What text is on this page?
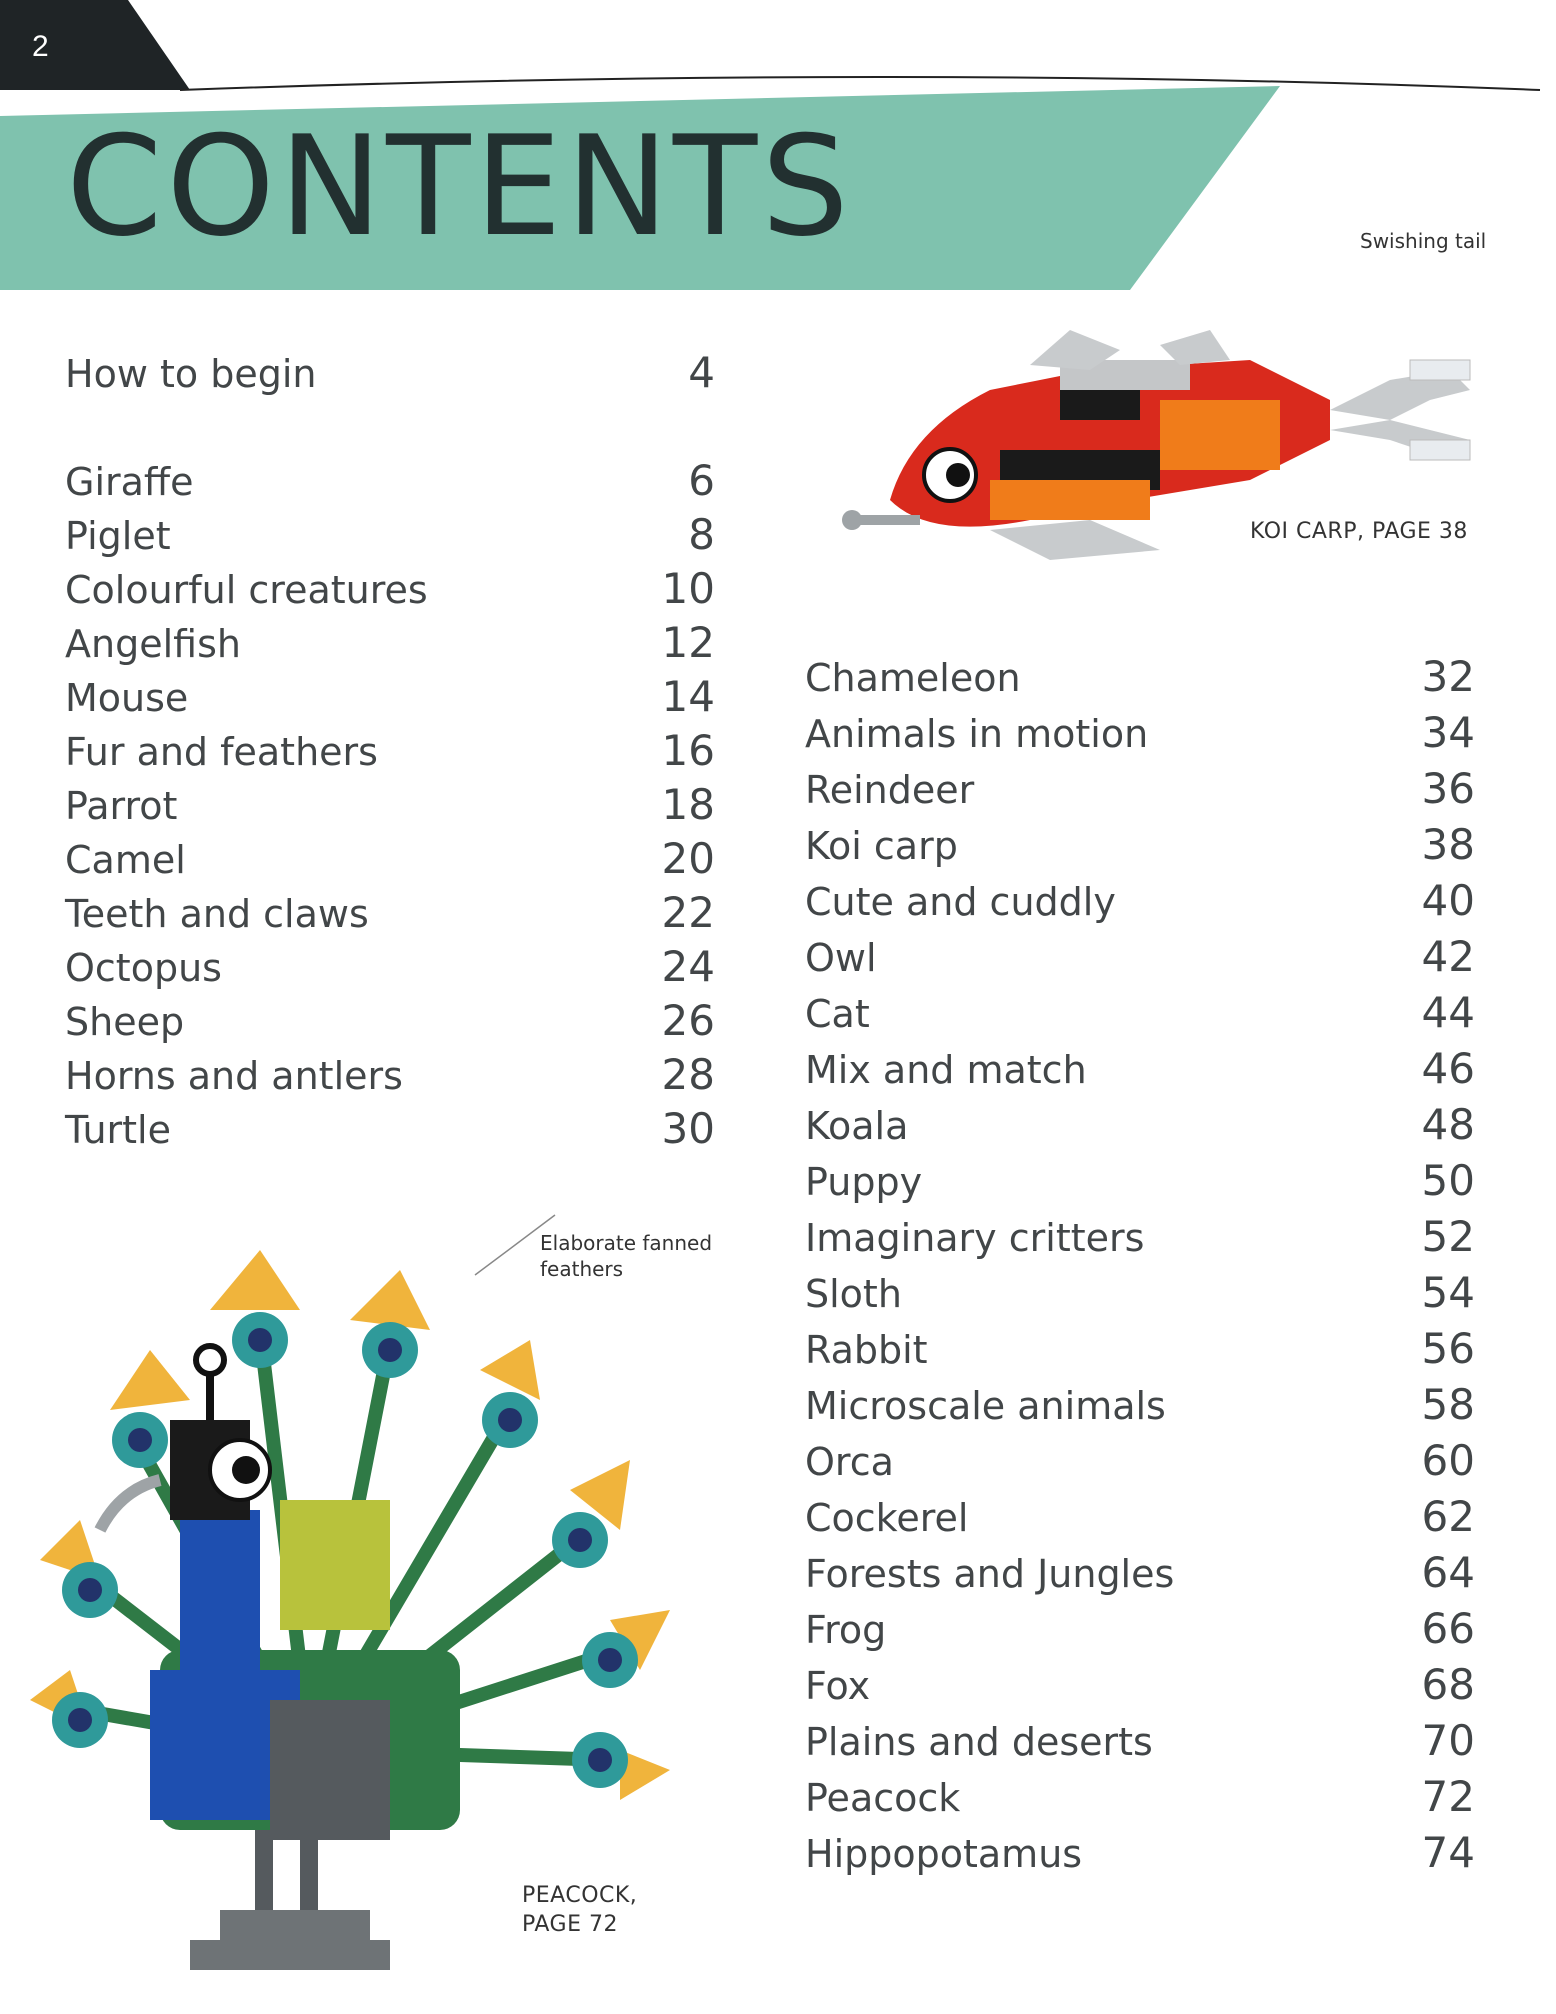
2
CONTENTS
How to begin	4
Giraffe	6
Piglet	8
Colourful creatures	10
Angelfish	12
Mouse	14
Fur and feathers	16
Parrot	18
Camel	20
Teeth and claws	22
Octopus	24
Sheep	26
Horns and antlers	28
Turtle	30
Chameleon	32
Animals in motion	34
Reindeer	36
Koi carp	38
Cute and cuddly	40
Owl	42
Cat	44
Mix and match	46
Koala	48
Puppy	50
Imaginary critters	52
Sloth	54
Rabbit	56
Microscale animals	58
Orca	60
Cockerel	62
Forests and Jungles	64
Frog	66
Fox	68
Plains and deserts	70
Peacock	72
Hippopotamus	74
Swishing tail
KOI CARP, PAGE 38
Elaborate fanned
feathers
PEACOCK,
PAGE 72
